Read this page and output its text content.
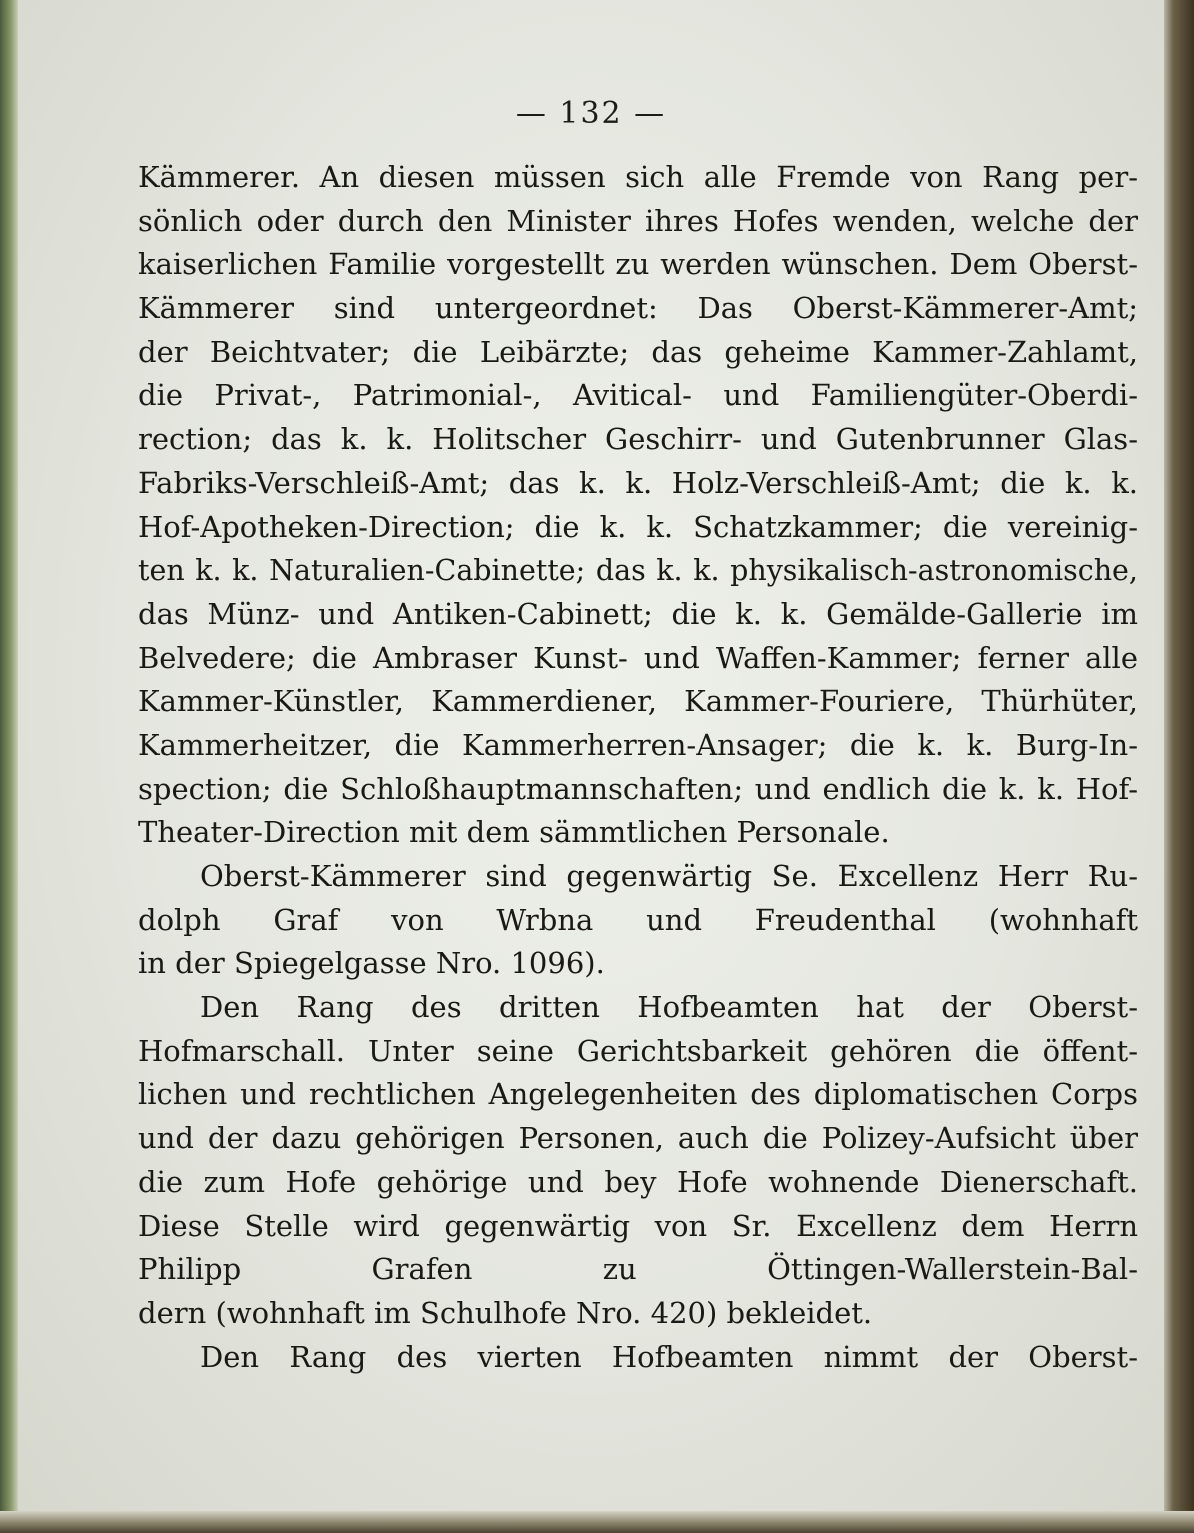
— 132 —
Kämmerer. An diesen müssen sich alle Fremde von Rang per-
sönlich oder durch den Minister ihres Hofes wenden, welche der
kaiserlichen Familie vorgestellt zu werden wünschen. Dem Oberst-
Kämmerer sind untergeordnet: Das Oberst-Kämmerer-Amt;
der Beichtvater; die Leibärzte; das geheime Kammer-Zahlamt,
die Privat-, Patrimonial-, Avitical- und Familiengüter-Oberdi-
rection; das k. k. Holitscher Geschirr- und Gutenbrunner Glas-
Fabriks-Verschleiß-Amt; das k. k. Holz-Verschleiß-Amt; die k. k.
Hof-Apotheken-Direction; die k. k. Schatzkammer; die vereinig-
ten k. k. Naturalien-Cabinette; das k. k. physikalisch-astronomische,
das Münz- und Antiken-Cabinett; die k. k. Gemälde-Gallerie im
Belvedere; die Ambraser Kunst- und Waffen-Kammer; ferner alle
Kammer-Künstler, Kammerdiener, Kammer-Fouriere, Thürhüter,
Kammerheitzer, die Kammerherren-Ansager; die k. k. Burg-In-
spection; die Schloßhauptmannschaften; und endlich die k. k. Hof-
Theater-Direction mit dem sämmtlichen Personale.
Oberst-Kämmerer sind gegenwärtig Se. Excellenz Herr Ru-
dolph Graf von Wrbna und Freudenthal (wohnhaft
in der Spiegelgasse Nro. 1096).
Den Rang des dritten Hofbeamten hat der Oberst-
Hofmarschall. Unter seine Gerichtsbarkeit gehören die öffent-
lichen und rechtlichen Angelegenheiten des diplomatischen Corps
und der dazu gehörigen Personen, auch die Polizey-Aufsicht über
die zum Hofe gehörige und bey Hofe wohnende Dienerschaft.
Diese Stelle wird gegenwärtig von Sr. Excellenz dem Herrn
Philipp Grafen zu Öttingen-Wallerstein-Bal-
dern (wohnhaft im Schulhofe Nro. 420) bekleidet.
Den Rang des vierten Hofbeamten nimmt der Oberst-
